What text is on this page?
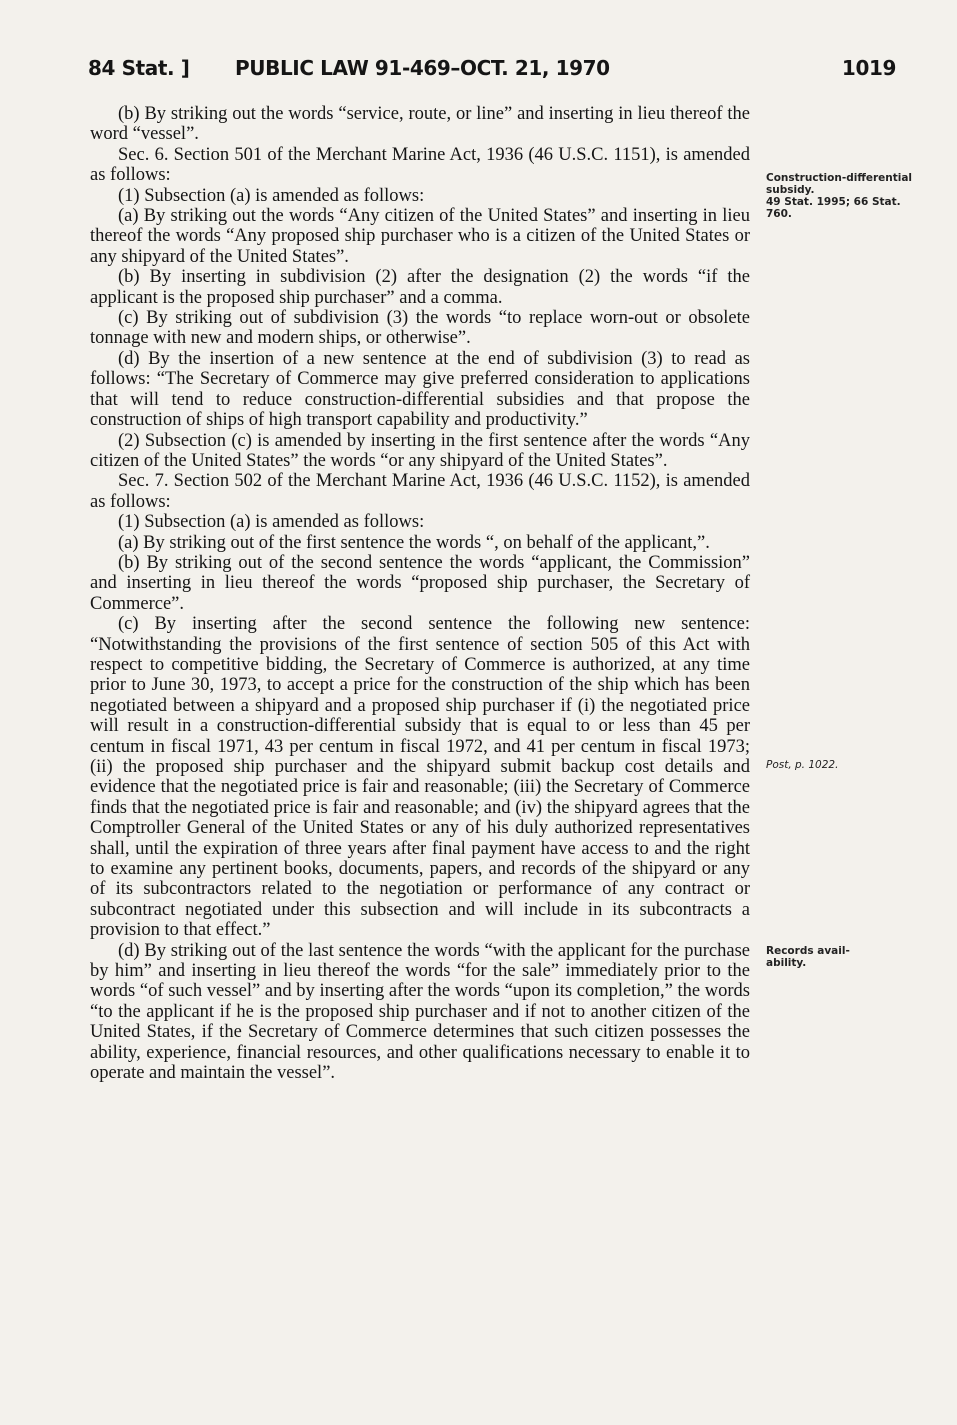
84 Stat. ] PUBLIC LAW 91-469–OCT. 21, 1970	1019

(b) By striking out the words “service, route, or line” and inserting in lieu thereof the word “vessel”.

Sec. 6. Section 501 of the Merchant Marine Act, 1936 (46 U.S.C. 1151), is amended as follows:

(1) Subsection (a) is amended as follows:

(a) By striking out the words “Any citizen of the United States” and inserting in lieu thereof the words “Any proposed ship purchaser who is a citizen of the United States or any shipyard of the United States”.

(b) By inserting in subdivision (2) after the designation (2) the words “if the applicant is the proposed ship purchaser” and a comma.

(c) By striking out of subdivision (3) the words “to replace worn-out or obsolete tonnage with new and modern ships, or otherwise”.

(d) By the insertion of a new sentence at the end of subdivision (3) to read as follows: “The Secretary of Commerce may give preferred consideration to applications that will tend to reduce construction-differential subsidies and that propose the construction of ships of high transport capability and productivity.”

(2) Subsection (c) is amended by inserting in the first sentence after the words “Any citizen of the United States” the words “or any shipyard of the United States”.

Sec. 7. Section 502 of the Merchant Marine Act, 1936 (46 U.S.C. 1152), is amended as follows:

(1) Subsection (a) is amended as follows:

(a) By striking out of the first sentence the words “, on behalf of the applicant,”.

(b) By striking out of the second sentence the words “applicant, the Commission” and inserting in lieu thereof the words “proposed ship purchaser, the Secretary of Commerce”.

(c) By inserting after the second sentence the following new sentence: “Notwithstanding the provisions of the first sentence of section 505 of this Act with respect to competitive bidding, the Secretary of Commerce is authorized, at any time prior to June 30, 1973, to accept a price for the construction of the ship which has been negotiated between a shipyard and a proposed ship purchaser if (i) the negotiated price will result in a construction-differential subsidy that is equal to or less than 45 per centum in fiscal 1971, 43 per centum in fiscal 1972, and 41 per centum in fiscal 1973; (ii) the proposed ship purchaser and the shipyard submit backup cost details and evidence that the negotiated price is fair and reasonable; (iii) the Secretary of Commerce finds that the negotiated price is fair and reasonable; and (iv) the shipyard agrees that the Comptroller General of the United States or any of his duly authorized representatives shall, until the expiration of three years after final payment have access to and the right to examine any pertinent books, documents, papers, and records of the shipyard or any of its subcontractors related to the negotiation or performance of any contract or subcontract negotiated under this subsection and will include in its subcontracts a provision to that effect.”

(d) By striking out of the last sentence the words “with the applicant for the purchase by him” and inserting in lieu thereof the words “for the sale” immediately prior to the words “of such vessel” and by inserting after the words “upon its completion,” the words “to the applicant if he is the proposed ship purchaser and if not to another citizen of the United States, if the Secretary of Commerce determines that such citizen possesses the ability, experience, financial resources, and other qualifications necessary to enable it to operate and maintain the vessel”.

Construction-differential subsidy.
49 Stat. 1995; 66 Stat. 760.
Post, p. 1022.
Records avail-ability.
